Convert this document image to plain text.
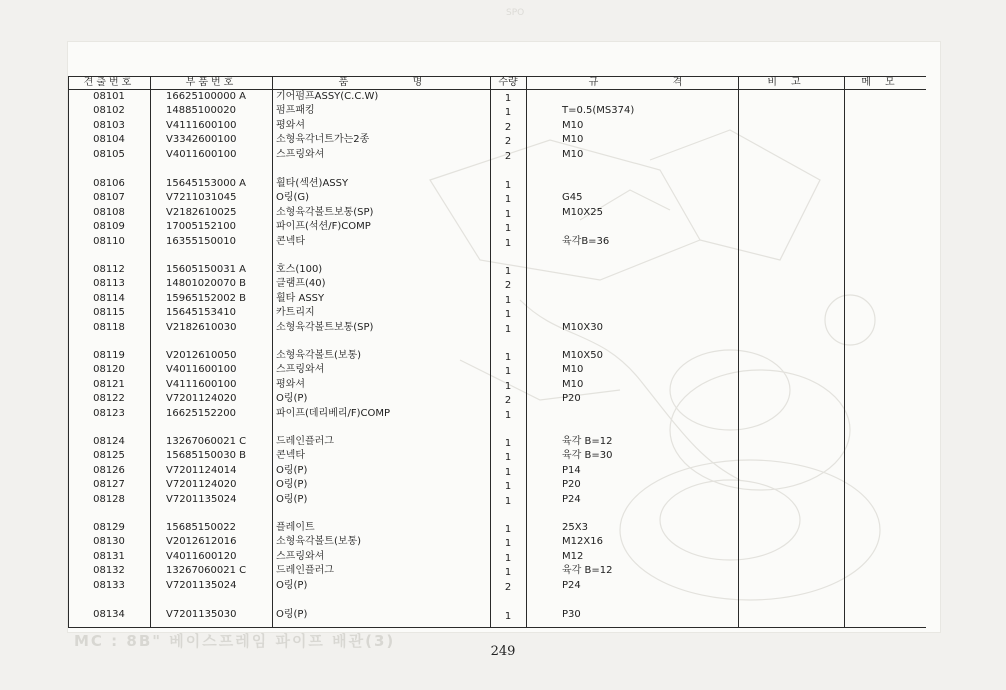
SPO
견출번호	부품번호	품	명	수량	규	격	비고	메모
08101	16625100000 A	기어펌프ASSY(C.C.W)	1
08102	14885100020	펌프패킹	1	T=0.5(MS374)
08103	V4111600100	평와셔	2	M10
08104	V3342600100	소형육각너트가는2종	2	M10
08105	V4011600100	스프링와셔	2	M10
08106	15645153000 A	휠타(섹션)ASSY	1
08107	V7211031045	O링(G)	1	G45
08108	V2182610025	소형육각볼트보통(SP)	1	M10X25
08109	17005152100	파이프(석션/F)COMP	1
08110	16355150010	콘넥타	1	육각B=36
08112	15605150031 A	호스(100)	1
08113	14801020070 B	클램프(40)	2
08114	15965152002 B	휠타 ASSY	1
08115	15645153410	카트리지	1
08118	V2182610030	소형육각볼트보통(SP)	1	M10X30
08119	V2012610050	소형육각볼트(보통)	1	M10X50
08120	V4011600100	스프링와셔	1	M10
08121	V4111600100	평와셔	1	M10
08122	V7201124020	O링(P)	2	P20
08123	16625152200	파이프(데리베리/F)COMP	1
08124	13267060021 C	드레인플러그	1	육각 B=12
08125	15685150030 B	콘넥타	1	육각 B=30
08126	V7201124014	O링(P)	1	P14
08127	V7201124020	O링(P)	1	P20
08128	V7201135024	O링(P)	1	P24
08129	15685150022	플레이트	1	25X3
08130	V2012612016	소형육각볼트(보통)	1	M12X16
08131	V4011600120	스프링와셔	1	M12
08132	13267060021 C	드레인플러그	1	육각 B=12
08133	V7201135024	O링(P)	2	P24
08134	V7201135030	O링(P)	1	P30
MC : 8B" 베이스프레임 파이프 배관(3)
249
